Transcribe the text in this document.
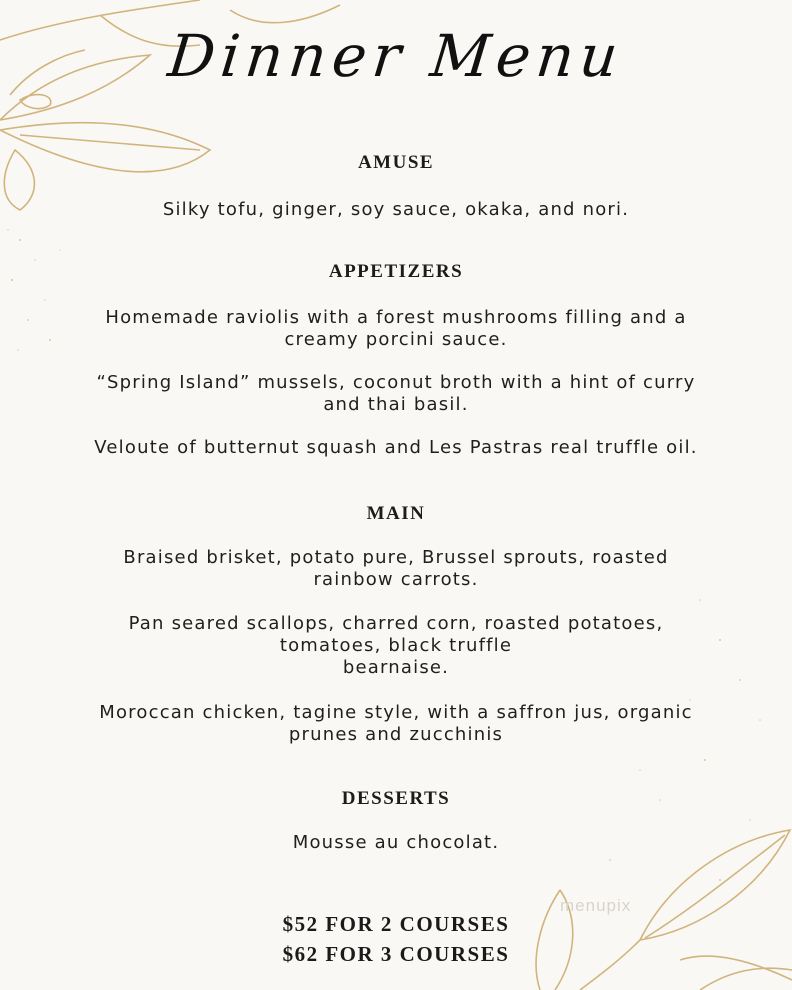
Dinner Menu
AMUSE
Silky tofu, ginger, soy sauce, okaka, and nori.
APPETIZERS
Homemade raviolis with a forest mushrooms filling and a
creamy porcini sauce.
“Spring Island” mussels, coconut broth with a hint of curry
and thai basil.
Veloute of butternut squash and Les Pastras real truffle oil.
MAIN
Braised brisket, potato pure, Brussel sprouts, roasted
rainbow carrots.
Pan seared scallops, charred corn, roasted potatoes,
tomatoes, black truffle
bearnaise.
Moroccan chicken, tagine style, with a saffron jus, organic
prunes and zucchinis
DESSERTS
Mousse au chocolat.
$52 FOR 2 COURSES
$62 FOR 3 COURSES
menupix
